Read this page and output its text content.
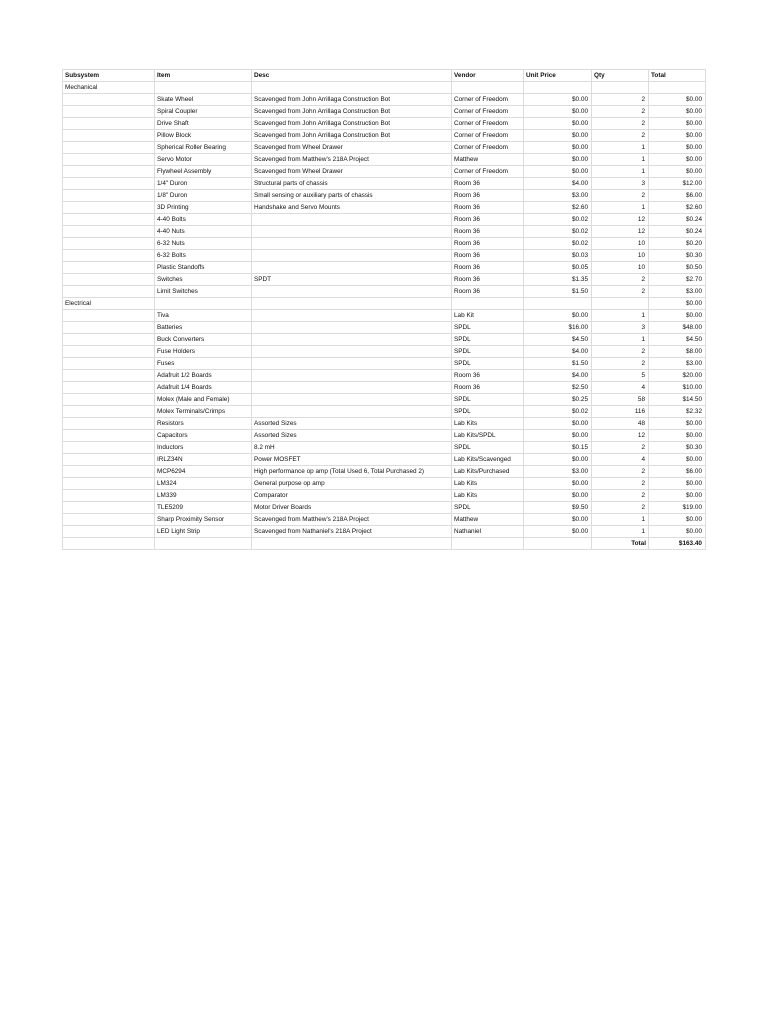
Subsystem	Item	Desc	Vendor	Unit Price	Qty	Total
Mechanical						
	Skate Wheel	Scavenged from John Arrillaga Construction Bot	Corner of Freedom	$0.00	2	$0.00
	Spiral Coupler	Scavenged from John Arrillaga Construction Bot	Corner of Freedom	$0.00	2	$0.00
	Drive Shaft	Scavenged from John Arrillaga Construction Bot	Corner of Freedom	$0.00	2	$0.00
	Pillow Block	Scavenged from John Arrillaga Construction Bot	Corner of Freedom	$0.00	2	$0.00
	Spherical Roller Bearing	Scavenged from Wheel Drawer	Corner of Freedom	$0.00	1	$0.00
	Servo Motor	Scavenged from Matthew's 218A Project	Matthew	$0.00	1	$0.00
	Flywheel Assembly	Scavenged from Wheel Drawer	Corner of Freedom	$0.00	1	$0.00
	1/4" Duron	Structural parts of chassis	Room 36	$4.00	3	$12.00
	1/8" Duron	Small sensing or auxiliary parts of chassis	Room 36	$3.00	2	$6.00
	3D Printing	Handshake and Servo Mounts	Room 36	$2.60	1	$2.60
	4-40 Bolts		Room 36	$0.02	12	$0.24
	4-40 Nuts		Room 36	$0.02	12	$0.24
	6-32 Nuts		Room 36	$0.02	10	$0.20
	6-32 Bolts		Room 36	$0.03	10	$0.30
	Plastic Standoffs		Room 36	$0.05	10	$0.50
	Switches	SPDT	Room 36	$1.35	2	$2.70
	Limit Switches		Room 36	$1.50	2	$3.00
Electrical						$0.00
	Tiva		Lab Kit	$0.00	1	$0.00
	Batteries		SPDL	$16.00	3	$48.00
	Buck Converters		SPDL	$4.50	1	$4.50
	Fuse Holders		SPDL	$4.00	2	$8.00
	Fuses		SPDL	$1.50	2	$3.00
	Adafruit 1/2 Boards		Room 36	$4.00	5	$20.00
	Adafruit 1/4 Boards		Room 36	$2.50	4	$10.00
	Molex (Male and Female)		SPDL	$0.25	58	$14.50
	Molex Terminals/Crimps		SPDL	$0.02	116	$2.32
	Resistors	Assorted Sizes	Lab Kits	$0.00	48	$0.00
	Capacitors	Assorted Sizes	Lab Kits/SPDL	$0.00	12	$0.00
	Inductors	8.2 mH	SPDL	$0.15	2	$0.30
	IRLZ34N	Power MOSFET	Lab Kits/Scavenged	$0.00	4	$0.00
	MCP6294	High performance op amp (Total Used 6, Total Purchased 2)	Lab Kits/Purchased	$3.00	2	$6.00
	LM324	General purpose op amp	Lab Kits	$0.00	2	$0.00
	LM339	Comparator	Lab Kits	$0.00	2	$0.00
	TLE5209	Motor Driver Boards	SPDL	$9.50	2	$19.00
	Sharp Proximity Sensor	Scavenged from Matthew's 218A Project	Matthew	$0.00	1	$0.00
	LED Light Strip	Scavenged from Nathaniel's 218A Project	Nathaniel	$0.00	1	$0.00
					Total	$163.40
